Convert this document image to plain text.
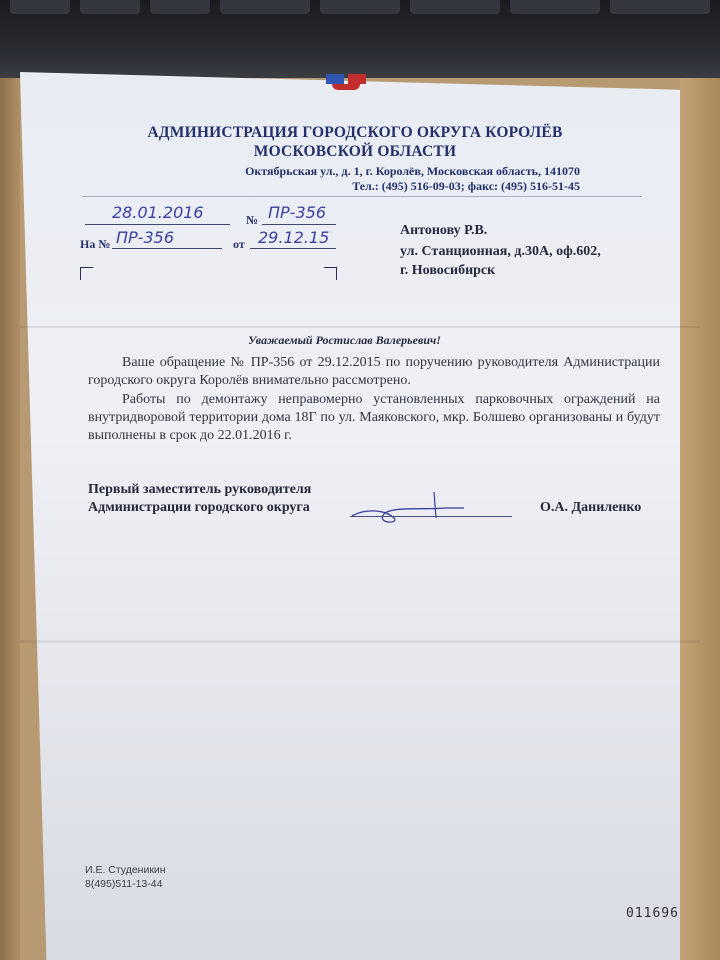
АДМИНИСТРАЦИЯ ГОРОДСКОГО ОКРУГА КОРОЛЁВ
МОСКОВСКОЙ ОБЛАСТИ
Октябрьская ул., д. 1, г. Королёв, Московская область, 141070
Тел.: (495) 516-09-03; факс: (495) 516-51-45
28.01.2016	№ ПР-356
На № ПР-356	от 29.12.15	Антонову Р.В.
ул. Станционная, д.30А, оф.602,
г. Новосибирск
Уважаемый Ростислав Валерьевич!
Ваше обращение № ПР-356 от 29.12.2015 по поручению руководителя Администрации городского округа Королёв внимательно рассмотрено.
Работы по демонтажу неправомерно установленных парковочных ограждений на внутридворовой территории дома 18Г по ул. Маяковского, мкр. Болшево организованы и будут выполнены в срок до 22.01.2016 г.
Первый заместитель руководителя
Администрации городского округа	О.А. Даниленко
И.Е. Студеникин
8(495)511-13-44
011696
